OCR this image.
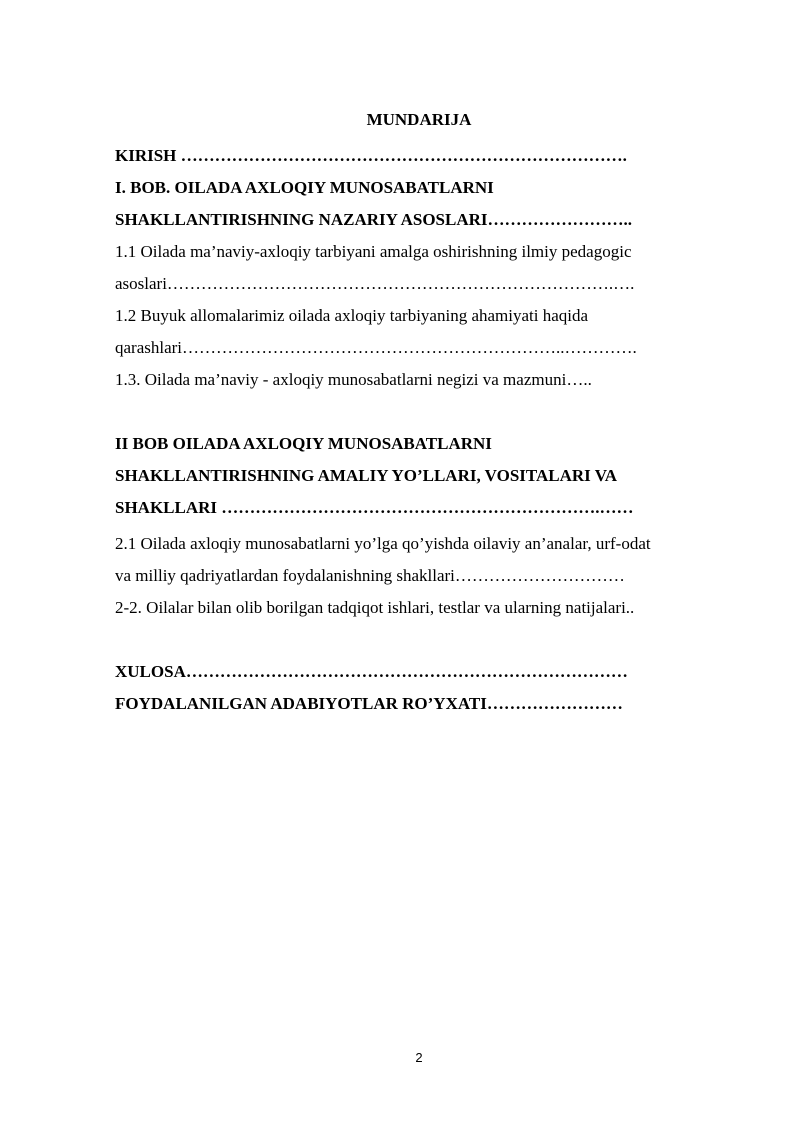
MUNDARIJA
KIRISH …………………………………………………………………….
I. BOB. OILADA AXLOQIY MUNOSABATLARNI
SHAKLLANTIRISHNING NAZARIY ASOSLARI……………………..
1.1 Oilada ma’naviy-axloqiy tarbiyani amalga oshirishning ilmiy pedagogic
asoslari…………………………………………………………………….….
1.2 Buyuk allomalarimiz oilada axloqiy tarbiyaning ahamiyati haqida
qarashlari…………………………………………………………..………….
1.3. Oilada ma’naviy - axloqiy munosabatlarni negizi va mazmuni…..
II BOB OILADA AXLOQIY MUNOSABATLARNI
SHAKLLANTIRISHNING AMALIY YO’LLARI, VOSITALARI VA
SHAKLLARI ………………………………………………………….……
2.1 Oilada axloqiy munosabatlarni yo’lga qo’yishda oilaviy an’analar, urf-odat
va milliy qadriyatlardan foydalanishning shakllari…………………………
2-2. Oilalar bilan olib borilgan tadqiqot ishlari, testlar va ularning natijalari..
XULOSA……………………………………………………………………
FOYDALANILGAN ADABIYOTLAR RO’YXATI……………………
2
